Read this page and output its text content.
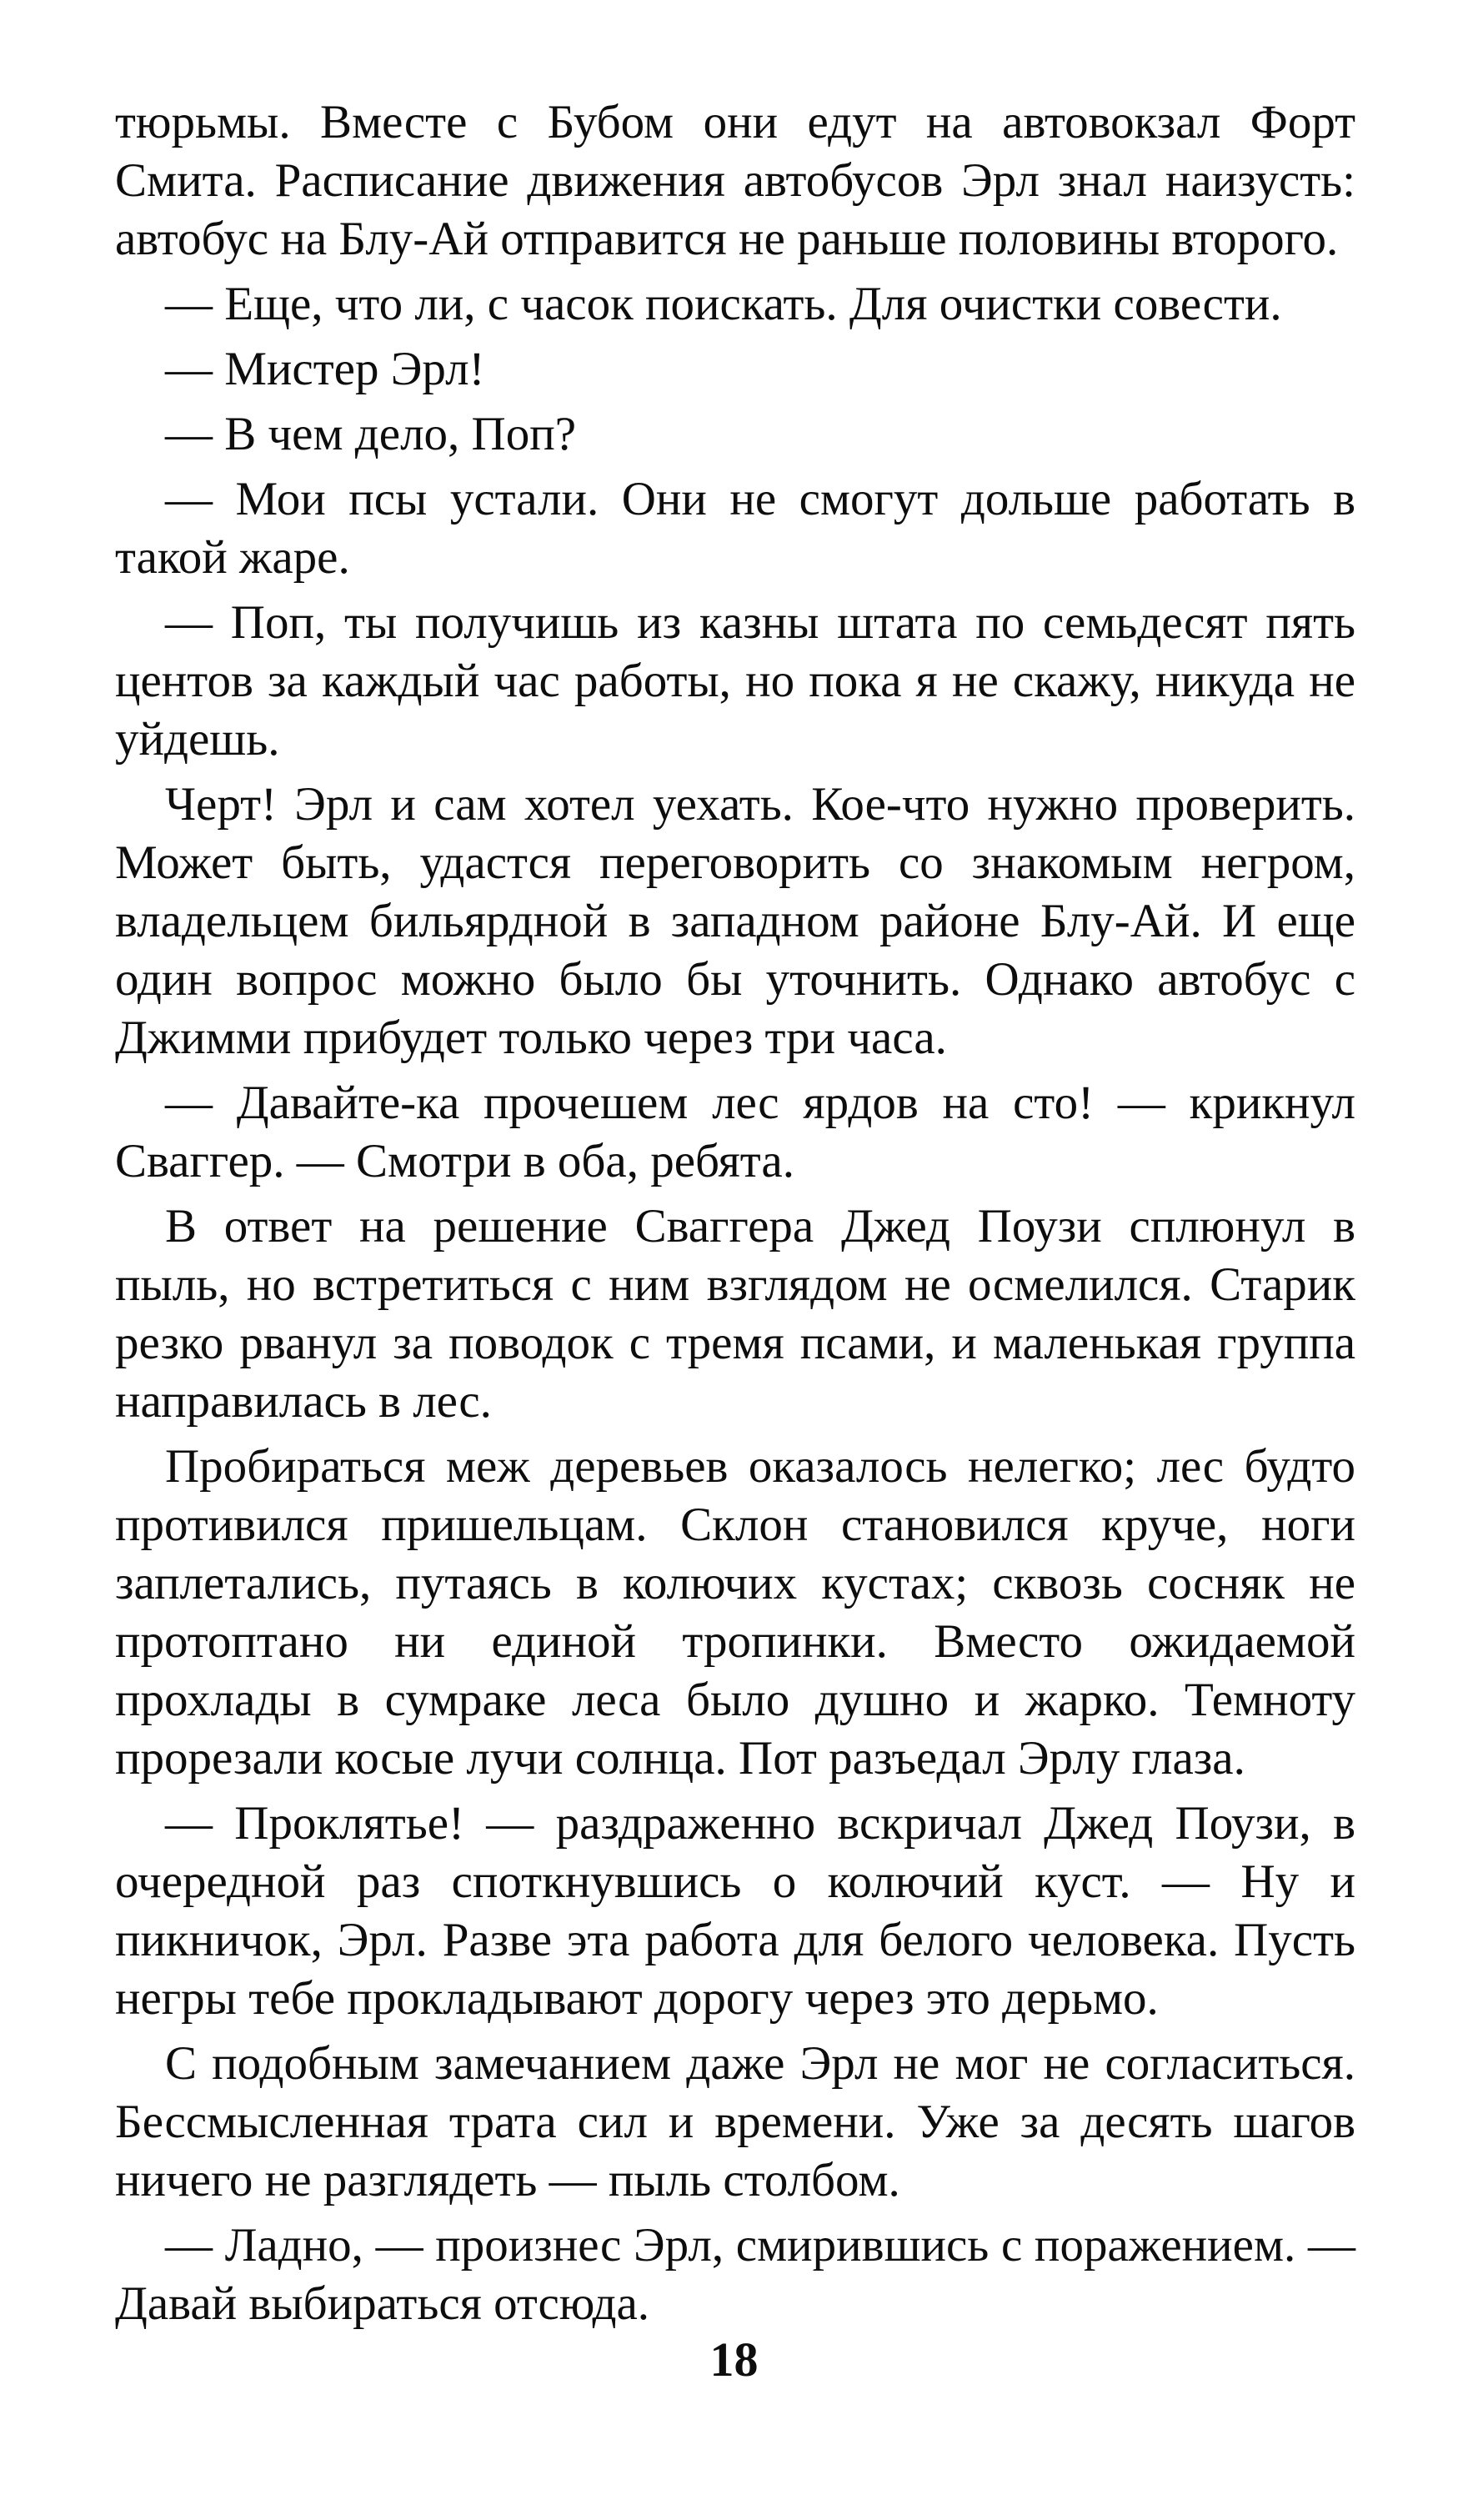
тюрьмы. Вместе с Бубом они едут на автовокзал Форт Смита. Расписание движения автобусов Эрл знал наизусть: автобус на Блу-Ай отправится не раньше половины второго.

— Еще, что ли, с часок поискать. Для очистки совести.

— Мистер Эрл!

— В чем дело, Поп?

— Мои псы устали. Они не смогут дольше работать в такой жаре.

— Поп, ты получишь из казны штата по семьдесят пять центов за каждый час работы, но пока я не скажу, никуда не уйдешь.

Черт! Эрл и сам хотел уехать. Кое-что нужно проверить. Может быть, удастся переговорить со знакомым негром, владельцем бильярдной в западном районе Блу-Ай. И еще один вопрос можно было бы уточнить. Однако автобус с Джимми прибудет только через три часа.

— Давайте-ка прочешем лес ярдов на сто! — крикнул Сваггер. — Смотри в оба, ребята.

В ответ на решение Сваггера Джед Поузи сплюнул в пыль, но встретиться с ним взглядом не осмелился. Старик резко рванул за поводок с тремя псами, и маленькая группа направилась в лес.

Пробираться меж деревьев оказалось нелегко; лес будто противился пришельцам. Склон становился круче, ноги заплетались, путаясь в колючих кустах; сквозь сосняк не протоптано ни единой тропинки. Вместо ожидаемой прохлады в сумраке леса было душно и жарко. Темноту прорезали косые лучи солнца. Пот разъедал Эрлу глаза.

— Проклятье! — раздраженно вскричал Джед Поузи, в очередной раз споткнувшись о колючий куст. — Ну и пикничок, Эрл. Разве эта работа для белого человека. Пусть негры тебе прокладывают дорогу через это дерьмо.

С подобным замечанием даже Эрл не мог не согласиться. Бессмысленная трата сил и времени. Уже за десять шагов ничего не разглядеть — пыль столбом.

— Ладно, — произнес Эрл, смирившись с поражением. — Давай выбираться отсюда.

18
